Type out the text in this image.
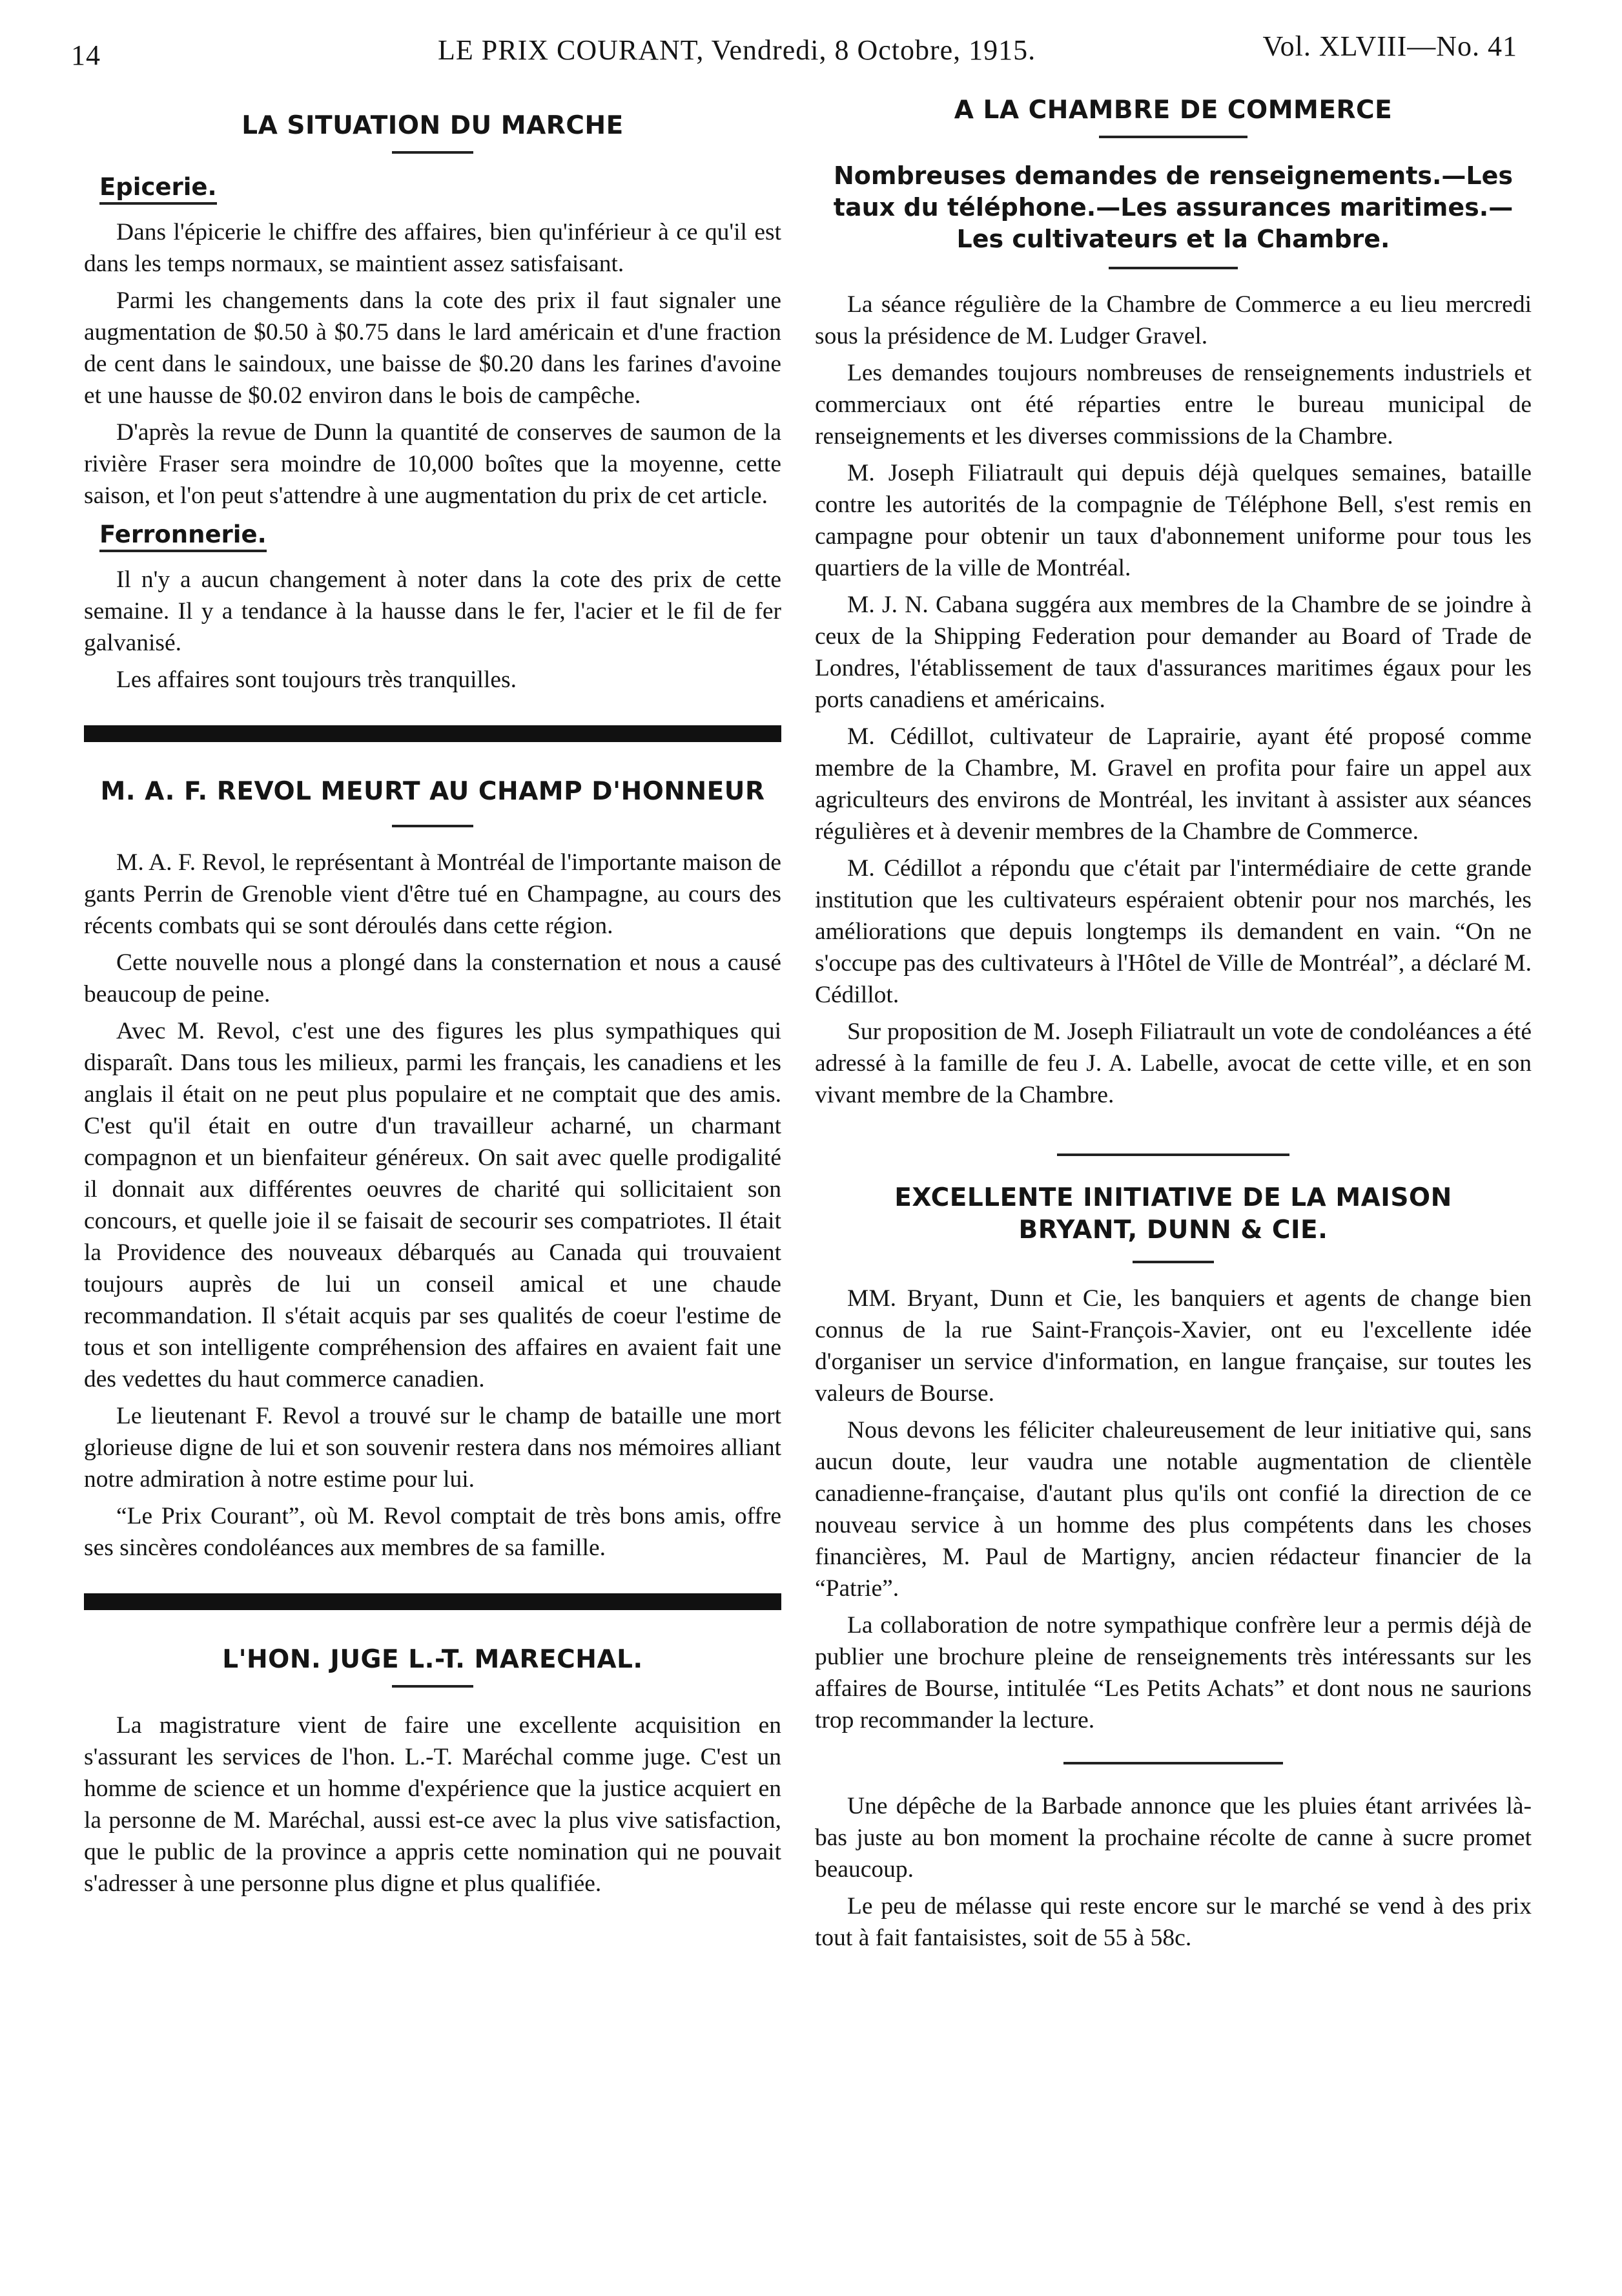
14	LE PRIX COURANT, Vendredi, 8 Octobre, 1915.	Vol. XLVIII—No. 41
LA SITUATION DU MARCHE
Epicerie.

Dans l'épicerie le chiffre des affaires, bien qu'inférieur à ce qu'il est dans les temps normaux, se maintient assez satisfaisant.

Parmi les changements dans la cote des prix il faut signaler une augmentation de $0.50 à $0.75 dans le lard américain et d'une fraction de cent dans le saindoux, une baisse de $0.20 dans les farines d'avoine et une hausse de $0.02 environ dans le bois de campêche.

D'après la revue de Dunn la quantité de conserves de saumon de la rivière Fraser sera moindre de 10,000 boîtes que la moyenne, cette saison, et l'on peut s'attendre à une augmentation du prix de cet article.

Ferronnerie.

Il n'y a aucun changement à noter dans la cote des prix de cette semaine. Il y a tendance à la hausse dans le fer, l'acier et le fil de fer galvanisé.

Les affaires sont toujours très tranquilles.

M. A. F. REVOL MEURT AU CHAMP D'HONNEUR

M. A. F. Revol, le représentant à Montréal de l'importante maison de gants Perrin de Grenoble vient d'être tué en Champagne, au cours des récents combats qui se sont déroulés dans cette région.

Cette nouvelle nous a plongé dans la consternation et nous a causé beaucoup de peine.

Avec M. Revol, c'est une des figures les plus sympathiques qui disparaît. Dans tous les milieux, parmi les français, les canadiens et les anglais il était on ne peut plus populaire et ne comptait que des amis. C'est qu'il était en outre d'un travailleur acharné, un charmant compagnon et un bienfaiteur généreux. On sait avec quelle prodigalité il donnait aux différentes oeuvres de charité qui sollicitaient son concours, et quelle joie il se faisait de secourir ses compatriotes. Il était la Providence des nouveaux débarqués au Canada qui trouvaient toujours auprès de lui un conseil amical et une chaude recommandation. Il s'était acquis par ses qualités de coeur l'estime de tous et son intelligente compréhension des affaires en avaient fait une des vedettes du haut commerce canadien.

Le lieutenant F. Revol a trouvé sur le champ de bataille une mort glorieuse digne de lui et son souvenir restera dans nos mémoires alliant notre admiration à notre estime pour lui.

“Le Prix Courant”, où M. Revol comptait de très bons amis, offre ses sincères condoléances aux membres de sa famille.

L'HON. JUGE L.-T. MARECHAL.

La magistrature vient de faire une excellente acquisition en s'assurant les services de l'hon. L.-T. Maréchal comme juge. C'est un homme de science et un homme d'expérience que la justice acquiert en la personne de M. Maréchal, aussi est-ce avec la plus vive satisfaction, que le public de la province a appris cette nomination qui ne pouvait s'adresser à une personne plus digne et plus qualifiée.

A LA CHAMBRE DE COMMERCE
Nombreuses demandes de renseignements.—Les taux du téléphone.—Les assurances maritimes.—Les cultivateurs et la Chambre.

La séance régulière de la Chambre de Commerce a eu lieu mercredi sous la présidence de M. Ludger Gravel.

Les demandes toujours nombreuses de renseignements industriels et commerciaux ont été réparties entre le bureau municipal de renseignements et les diverses commissions de la Chambre.

M. Joseph Filiatrault qui depuis déjà quelques semaines, bataille contre les autorités de la compagnie de Téléphone Bell, s'est remis en campagne pour obtenir un taux d'abonnement uniforme pour tous les quartiers de la ville de Montréal.

M. J. N. Cabana suggéra aux membres de la Chambre de se joindre à ceux de la Shipping Federation pour demander au Board of Trade de Londres, l'établissement de taux d'assurances maritimes égaux pour les ports canadiens et américains.

M. Cédillot, cultivateur de Laprairie, ayant été proposé comme membre de la Chambre, M. Gravel en profita pour faire un appel aux agriculteurs des environs de Montréal, les invitant à assister aux séances régulières et à devenir membres de la Chambre de Commerce.

M. Cédillot a répondu que c'était par l'intermédiaire de cette grande institution que les cultivateurs espéraient obtenir pour nos marchés, les améliorations que depuis longtemps ils demandent en vain. “On ne s'occupe pas des cultivateurs à l'Hôtel de Ville de Montréal”, a déclaré M. Cédillot.

Sur proposition de M. Joseph Filiatrault un vote de condoléances a été adressé à la famille de feu J. A. Labelle, avocat de cette ville, et en son vivant membre de la Chambre.

EXCELLENTE INITIATIVE DE LA MAISON
BRYANT, DUNN & CIE.

MM. Bryant, Dunn et Cie, les banquiers et agents de change bien connus de la rue Saint-François-Xavier, ont eu l'excellente idée d'organiser un service d'information, en langue française, sur toutes les valeurs de Bourse.

Nous devons les féliciter chaleureusement de leur initiative qui, sans aucun doute, leur vaudra une notable augmentation de clientèle canadienne-française, d'autant plus qu'ils ont confié la direction de ce nouveau service à un homme des plus compétents dans les choses financières, M. Paul de Martigny, ancien rédacteur financier de la “Patrie”.

La collaboration de notre sympathique confrère leur a permis déjà de publier une brochure pleine de renseignements très intéressants sur les affaires de Bourse, intitulée “Les Petits Achats” et dont nous ne saurions trop recommander la lecture.

Une dépêche de la Barbade annonce que les pluies étant arrivées là-bas juste au bon moment la prochaine récolte de canne à sucre promet beaucoup.

Le peu de mélasse qui reste encore sur le marché se vend à des prix tout à fait fantaisistes, soit de 55 à 58c.
